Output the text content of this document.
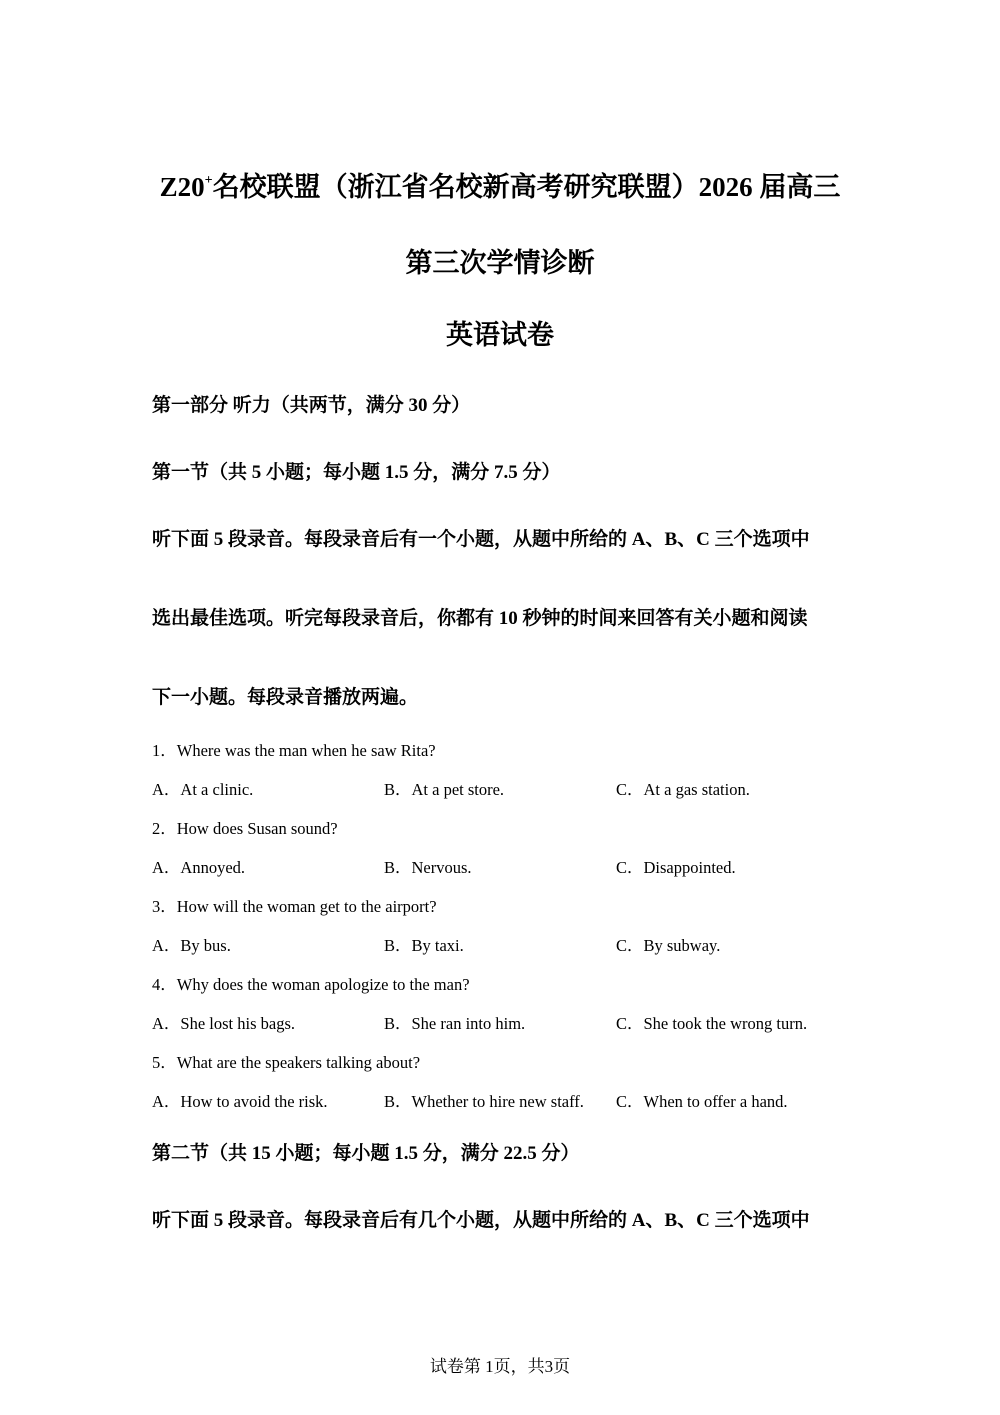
Z20+名校联盟（浙江省名校新高考研究联盟）2026 届高三
第三次学情诊断
英语试卷
第一部分 听力（共两节，满分 30 分）
第一节（共 5 小题；每小题 1.5 分，满分 7.5 分）
听下面 5 段录音。每段录音后有一个小题，从题中所给的 A、B、C 三个选项中
选出最佳选项。听完每段录音后，你都有 10 秒钟的时间来回答有关小题和阅读
下一小题。每段录音播放两遍。
1．Where was the man when he saw Rita?
A．At a clinic.	B．At a pet store.	C．At a gas station.
2．How does Susan sound?
A．Annoyed.	B．Nervous.	C．Disappointed.
3．How will the woman get to the airport?
A．By bus.	B．By taxi.	C．By subway.
4．Why does the woman apologize to the man?
A．She lost his bags.	B．She ran into him.	C．She took the wrong turn.
5．What are the speakers talking about?
A．How to avoid the risk.	B．Whether to hire new staff. C．When to offer a hand.
第二节（共 15 小题；每小题 1.5 分，满分 22.5 分）
听下面 5 段录音。每段录音后有几个小题，从题中所给的 A、B、C 三个选项中
试卷第 1页，共3页
